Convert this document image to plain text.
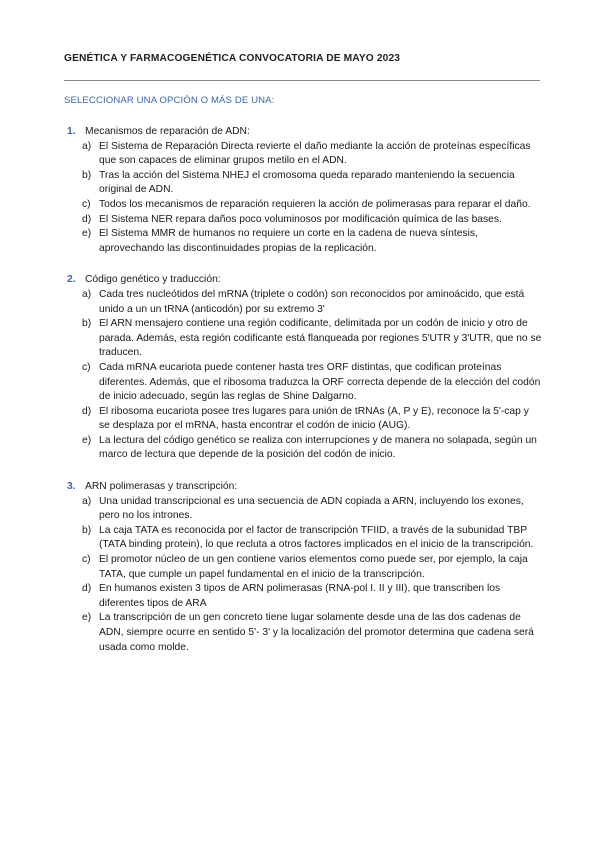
GENÉTICA Y FARMACOGENÉTICA CONVOCATORIA DE MAYO 2023
SELECCIONAR UNA OPCIÓN O MÁS DE UNA:
1. Mecanismos de reparación de ADN:
a) El Sistema de Reparación Directa revierte el daño mediante la acción de proteínas específicas que son capaces de eliminar grupos metilo en el ADN.
b) Tras la acción del Sistema NHEJ el cromosoma queda reparado manteniendo la secuencia original de ADN.
c) Todos los mecanismos de reparación requieren la acción de polimerasas para reparar el daño.
d) El Sistema NER repara daños poco voluminosos por modificación química de las bases.
e) El Sistema MMR de humanos no requiere un corte en la cadena de nueva síntesis, aprovechando las discontinuidades propias de la replicación.
2. Código genético y traducción:
a) Cada tres nucleótidos del mRNA (triplete o codón) son reconocidos por aminoácido, que está unido a un un tRNA (anticodón) por su extremo 3'
b) El ARN mensajero contiene una región codificante, delimitada por un codón de inicio y otro de parada. Además, esta región codificante está flanqueada por regiones 5'UTR y 3'UTR, que no se traducen.
c) Cada mRNA eucariota puede contener hasta tres ORF distintas, que codifican proteínas diferentes. Además, que el ribosoma traduzca la ORF correcta depende de la elección del codón de inicio adecuado, según las reglas de Shine Dalgarno.
d) El ribosoma eucariota posee tres lugares para unión de tRNAs (A, P y E), reconoce la 5'-cap y se desplaza por el mRNA, hasta encontrar el codón de inicio (AUG).
e) La lectura del código genético se realiza con interrupciones y de manera no solapada, según un marco de lectura que depende de la posición del codón de inicio.
3. ARN polimerasas y transcripción:
a) Una unidad transcripcional es una secuencia de ADN copiada a ARN, incluyendo los exones, pero no los intrones.
b) La caja TATA es reconocida por el factor de transcripción TFIID, a través de la subunidad TBP (TATA binding protein), lo que recluta a otros factores implicados en el inicio de la transcripción.
c) El promotor núcleo de un gen contiene varios elementos como puede ser, por ejemplo, la caja TATA, que cumple un papel fundamental en el inicio de la transcripción.
d) En humanos existen 3 tipos de ARN polimerasas (RNA-pol I. II y III), que transcriben los diferentes tipos de ARA
e) La transcripción de un gen concreto tiene lugar solamente desde una de las dos cadenas de ADN, siempre ocurre en sentido 5'- 3' y la localización del promotor determina que cadena será usada como molde.
